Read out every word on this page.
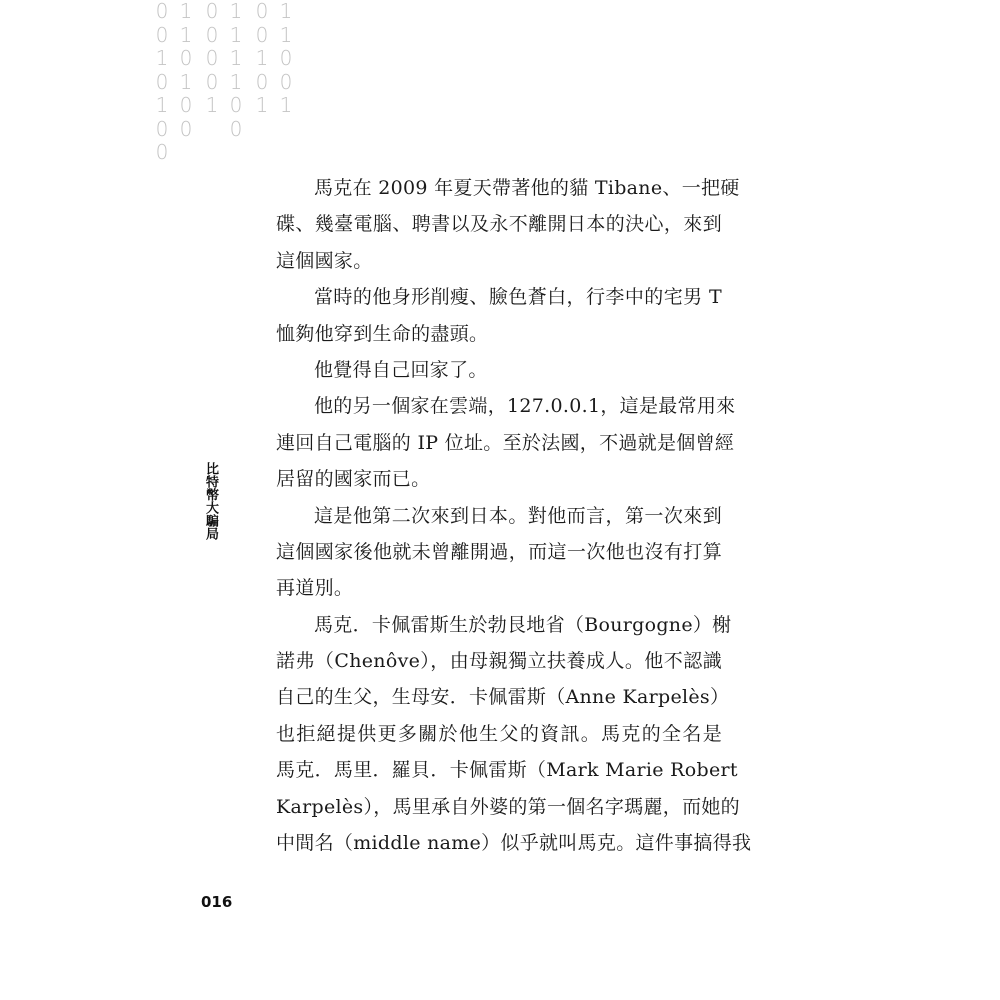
0
0
1
0
1
0
0
1
1
0
1
0
0
0
0
0
0
1
1
1
1
1
0
0
0
0
1
0
1
1
1
0
0
1
比特幣大騙局
馬克在 2009 年夏天帶著他的貓 Tibane、一把硬
碟、幾臺電腦、聘書以及永不離開日本的決心，來到
這個國家。
當時的他身形削瘦、臉色蒼白，行李中的宅男 T
恤夠他穿到生命的盡頭。
他覺得自己回家了。
他的另一個家在雲端，127.0.0.1，這是最常用來
連回自己電腦的 IP 位址。至於法國，不過就是個曾經
居留的國家而已。
這是他第二次來到日本。對他而言，第一次來到
這個國家後他就未曾離開過，而這一次他也沒有打算
再道別。
馬克．卡佩雷斯生於勃艮地省（Bourgogne）榭
諾弗（Chenôve），由母親獨立扶養成人。他不認識
自己的生父，生母安．卡佩雷斯（Anne Karpelès）
也拒絕提供更多關於他生父的資訊。馬克的全名是
馬克．馬里．羅貝．卡佩雷斯（Mark Marie Robert
Karpelès），馬里承自外婆的第一個名字瑪麗，而她的
中間名（middle name）似乎就叫馬克。這件事搞得我
016
